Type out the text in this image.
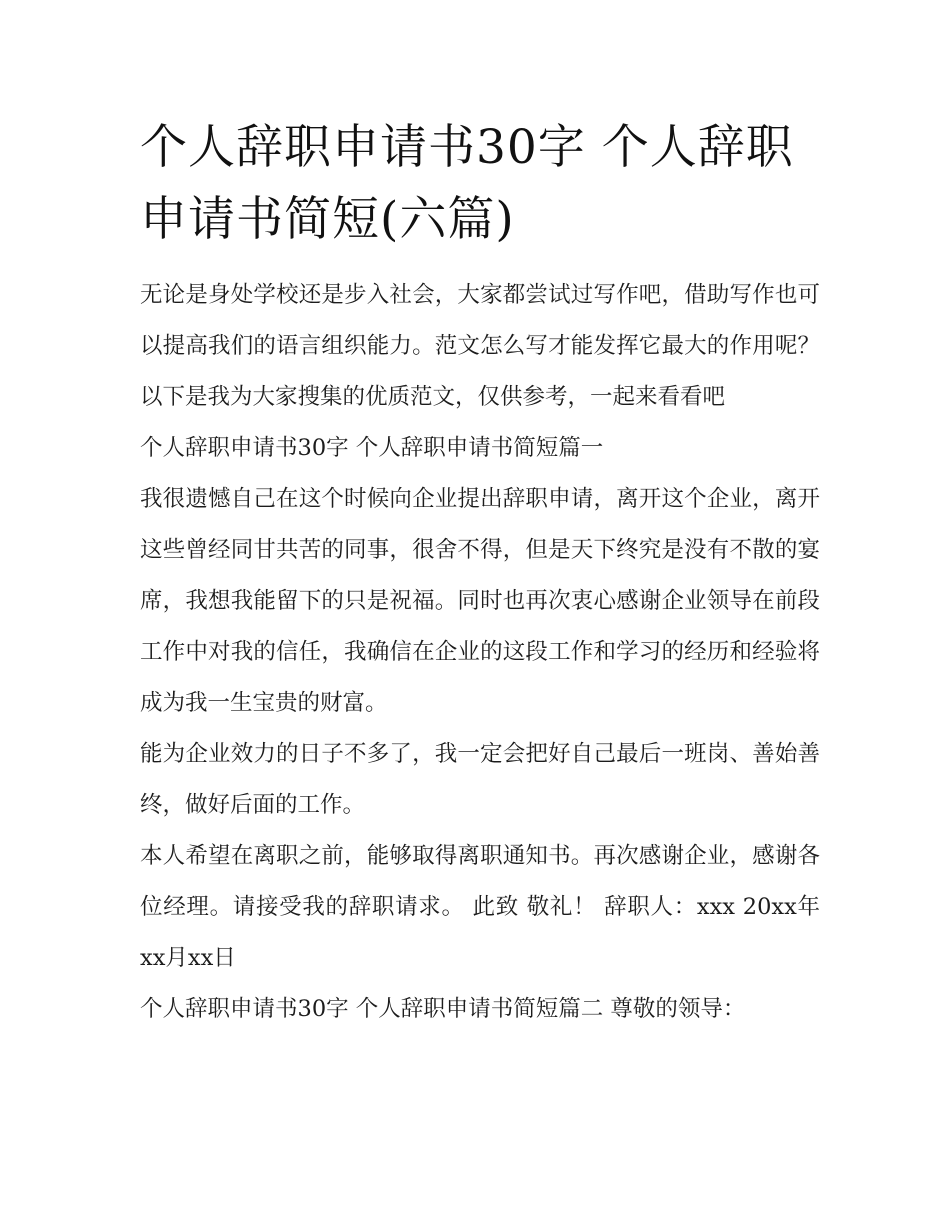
个人辞职申请书30字 个人辞职申请书简短(六篇)

无论是身处学校还是步入社会，大家都尝试过写作吧，借助写作也可以提高我们的语言组织能力。范文怎么写才能发挥它最大的作用呢？以下是我为大家搜集的优质范文，仅供参考，一起来看看吧

个人辞职申请书30字 个人辞职申请书简短篇一

我很遗憾自己在这个时候向企业提出辞职申请，离开这个企业，离开这些曾经同甘共苦的同事，很舍不得，但是天下终究是没有不散的宴席，我想我能留下的只是祝福。同时也再次衷心感谢企业领导在前段工作中对我的信任，我确信在企业的这段工作和学习的经历和经验将成为我一生宝贵的财富。

能为企业效力的日子不多了，我一定会把好自己最后一班岗、善始善终，做好后面的工作。

本人希望在离职之前，能够取得离职通知书。再次感谢企业，感谢各位经理。请接受我的辞职请求。 此致 敬礼！ 辞职人：xxx 20xx年xx月xx日

个人辞职申请书30字 个人辞职申请书简短篇二 尊敬的领导：
